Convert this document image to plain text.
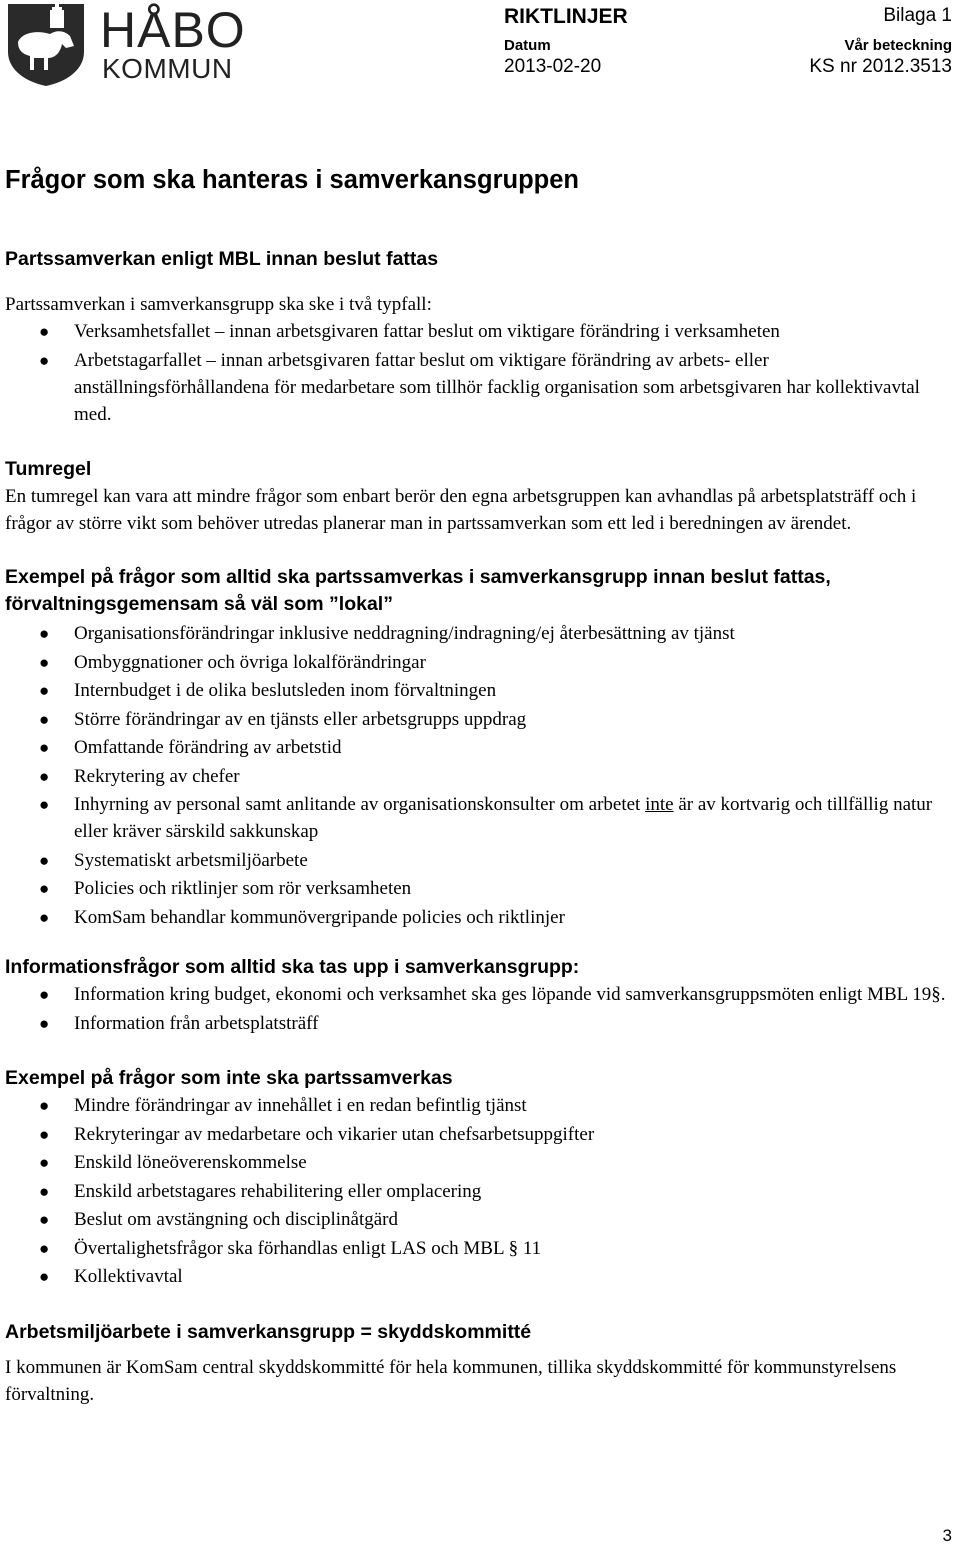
HÅBO
KOMMUN
RIKTLINJER	Bilaga 1
Datum	Vår beteckning
2013-02-20	KS nr 2012.3513
Frågor som ska hanteras i samverkansgruppen
Partssamverkan enligt MBL innan beslut fattas

Partssamverkan i samverkansgrupp ska ske i två typfall:

● Verksamhetsfallet – innan arbetsgivaren fattar beslut om viktigare förändring i verksamheten
● Arbetstagarfallet – innan arbetsgivaren fattar beslut om viktigare förändring av arbets- eller anställningsförhållandena för medarbetare som tillhör facklig organisation som arbetsgivaren har kollektivavtal med.
Tumregel

En tumregel kan vara att mindre frågor som enbart berör den egna arbetsgruppen kan avhandlas på arbetsplatsträff och i frågor av större vikt som behöver utredas planerar man in partssamverkan som ett led i beredningen av ärendet.

Exempel på frågor som alltid ska partssamverkas i samverkansgrupp innan beslut fattas, förvaltningsgemensam så väl som ”lokal”
● Organisationsförändringar inklusive neddragning/indragning/ej återbesättning av tjänst
● Ombyggnationer och övriga lokalförändringar
● Internbudget i de olika beslutsleden inom förvaltningen
● Större förändringar av en tjänsts eller arbetsgrupps uppdrag
● Omfattande förändring av arbetstid
● Rekrytering av chefer
● Inhyrning av personal samt anlitande av organisationskonsulter om arbetet inte är av kortvarig och tillfällig natur eller kräver särskild sakkunskap
● Systematiskt arbetsmiljöarbete
● Policies och riktlinjer som rör verksamheten
● KomSam behandlar kommunövergripande policies och riktlinjer
Informationsfrågor som alltid ska tas upp i samverkansgrupp:
● Information kring budget, ekonomi och verksamhet ska ges löpande vid samverkansgruppsmöten enligt MBL 19§.
● Information från arbetsplatsträff
Exempel på frågor som inte ska partssamverkas
● Mindre förändringar av innehållet i en redan befintlig tjänst
● Rekryteringar av medarbetare och vikarier utan chefsarbetsuppgifter
● Enskild löneöverenskommelse
● Enskild arbetstagares rehabilitering eller omplacering
● Beslut om avstängning och disciplinåtgärd
● Övertalighetsfrågor ska förhandlas enligt LAS och MBL § 11
● Kollektivavtal
Arbetsmiljöarbete i samverkansgrupp = skyddskommitté

I kommunen är KomSam central skyddskommitté för hela kommunen, tillika skyddskommitté för kommunstyrelsens förvaltning.

3
